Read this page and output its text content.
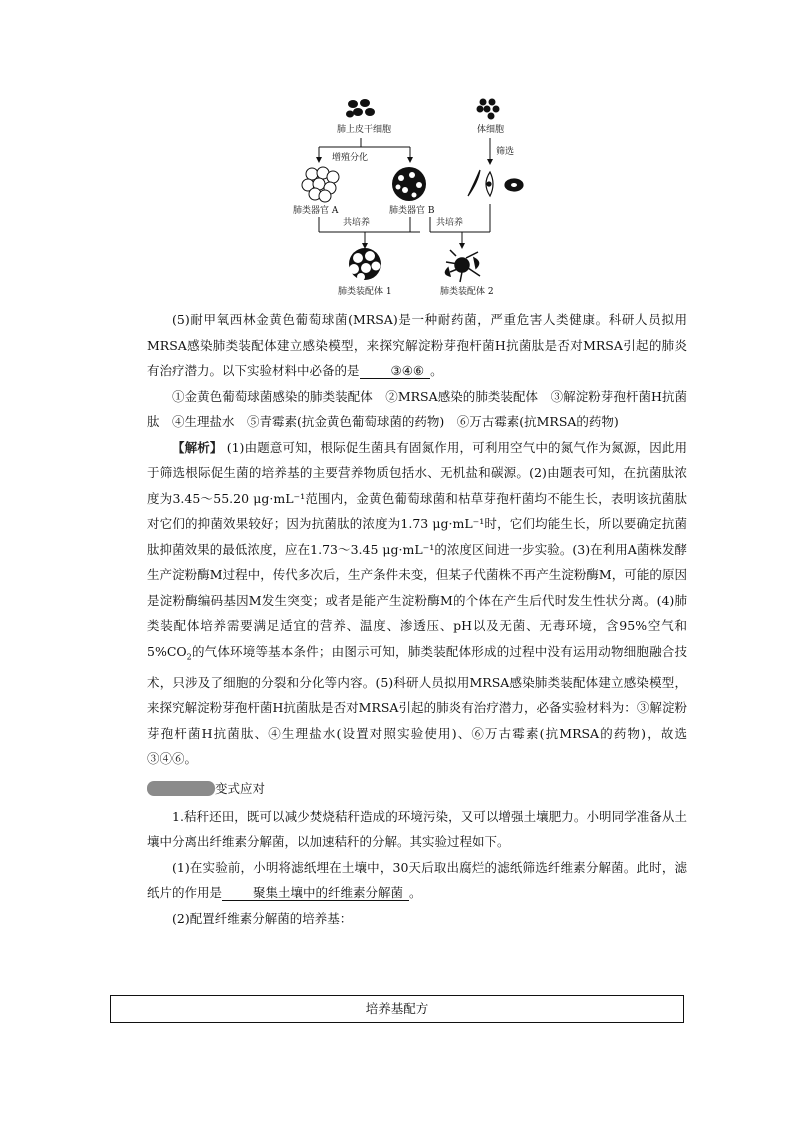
肺上皮干细胞	体细胞
增殖分化
肺类器官 A	肺类器官 B
筛选
共培养	共培养
肺类装配体 1	肺类装配体 2

(5)耐甲氧西林金黄色葡萄球菌(MRSA)是一种耐药菌，严重危害人类健康。科研人员拟用MRSA感染肺类装配体建立感染模型，来探究解淀粉芽孢杆菌H抗菌肽是否对MRSA引起的肺炎有治疗潜力。以下实验材料中必备的是 ③④⑥ 。

①金黄色葡萄球菌感染的肺类装配体　②MRSA感染的肺类装配体　③解淀粉芽孢杆菌H抗菌肽　④生理盐水　⑤青霉素(抗金黄色葡萄球菌的药物)　⑥万古霉素(抗MRSA的药物)

【解析】 (1)由题意可知，根际促生菌具有固氮作用，可利用空气中的氮气作为氮源，因此用于筛选根际促生菌的培养基的主要营养物质包括水、无机盐和碳源。(2)由题表可知，在抗菌肽浓度为3.45～55.20 μg·mL⁻¹范围内，金黄色葡萄球菌和枯草芽孢杆菌均不能生长，表明该抗菌肽对它们的抑菌效果较好；因为抗菌肽的浓度为1.73 μg·mL⁻¹时，它们均能生长，所以要确定抗菌肽抑菌效果的最低浓度，应在1.73～3.45 μg·mL⁻¹的浓度区间进一步实验。(3)在利用A菌株发酵生产淀粉酶M过程中，传代多次后，生产条件未变，但某子代菌株不再产生淀粉酶M，可能的原因是淀粉酶编码基因M发生突变；或者是能产生淀粉酶M的个体在产生后代时发生性状分离。(4)肺类装配体培养需要满足适宜的营养、温度、渗透压、pH以及无菌、无毒环境，含95%空气和$5\%CO_2$的气体环境等基本条件；由图示可知，肺类装配体形成的过程中没有运用动物细胞融合技术，只涉及了细胞的分裂和分化等内容。(5)科研人员拟用MRSA感染肺类装配体建立感染模型，来探究解淀粉芽孢杆菌H抗菌肽是否对MRSA引起的肺炎有治疗潜力，必备实验材料为：③解淀粉芽孢杆菌H抗菌肽、④生理盐水(设置对照实验使用)、⑥万古霉素(抗MRSA的药物)，故选③④⑥。

变式应对

1.秸秆还田，既可以减少焚烧秸秆造成的环境污染，又可以增强土壤肥力。小明同学准备从土壤中分离出纤维素分解菌，以加速秸秆的分解。其实验过程如下。

(1)在实验前，小明将滤纸埋在土壤中，30天后取出腐烂的滤纸筛选纤维素分解菌。此时，滤纸片的作用是 聚集土壤中的纤维素分解菌 。

(2)配置纤维素分解菌的培养基：

培养基配方
